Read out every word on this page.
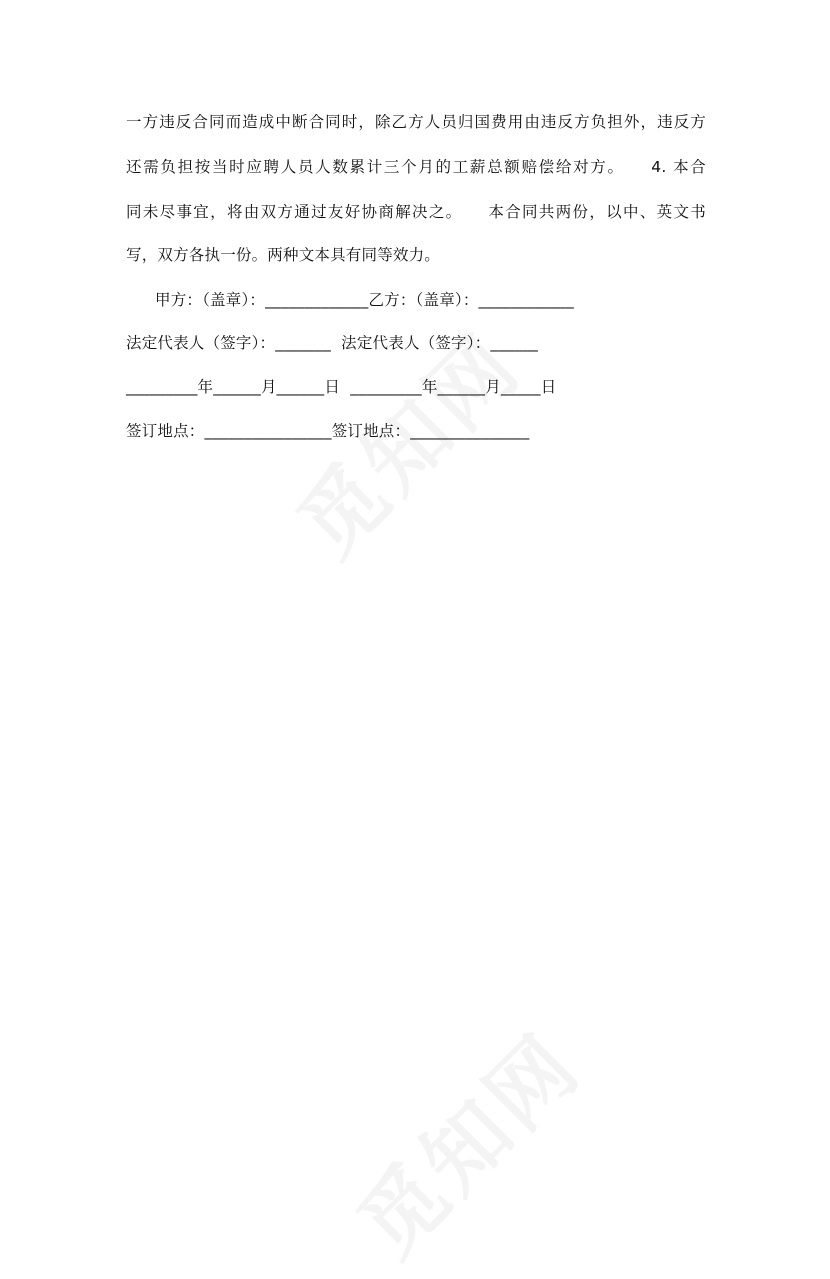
一方违反合同而造成中断合同时，除乙方人员归国费用由违反方负担外，违反方
还需负担按当时应聘人员人数累计三个月的工薪总额赔偿给对方。　　4. 本合
同未尽事宜，将由双方通过友好协商解决之。　　本合同共两份，以中、英文书
写，双方各执一份。两种文本具有同等效力。
甲方：（盖章）：_____________乙方：（盖章）：____________
法定代表人（签字）：_______  法定代表人（签字）：______
_________年______月______日  _________年______月_____日
签订地点：________________签订地点：_______________
